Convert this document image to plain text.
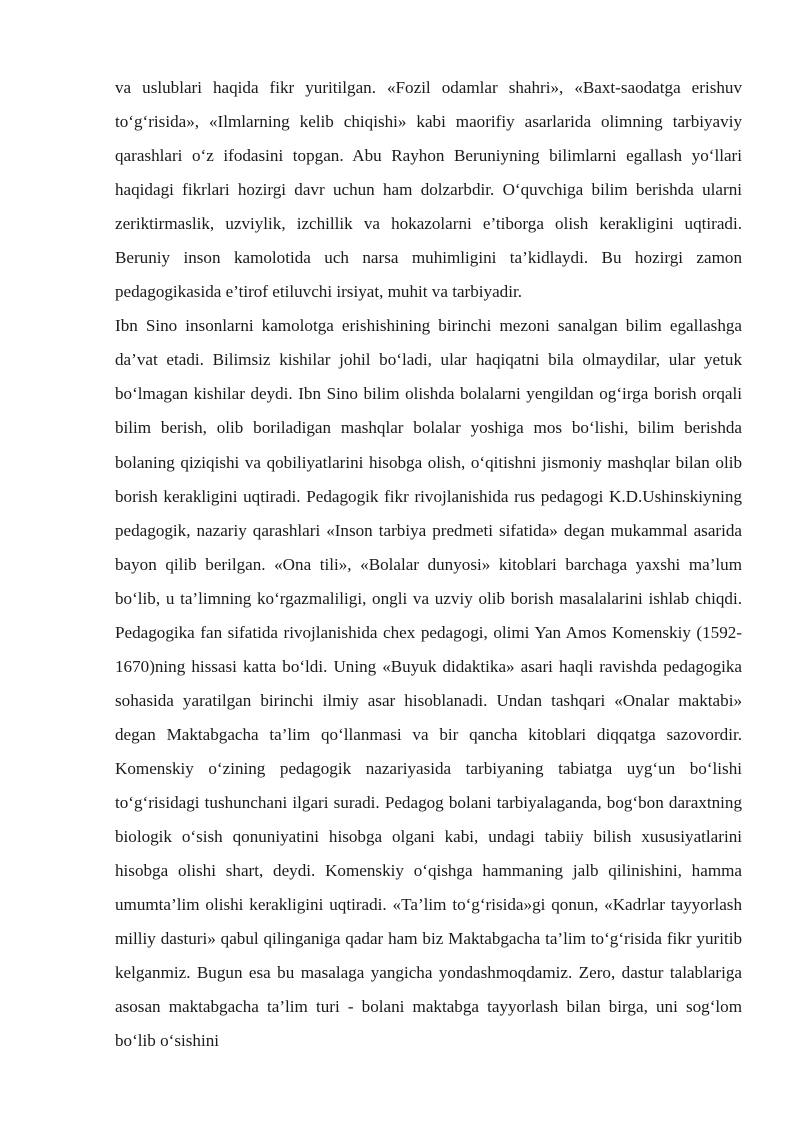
va uslublari haqida fikr yuritilgan. «Fozil odamlar shahri», «Baxt-saodatga erishuv to‘g‘risida», «Ilmlarning kelib chiqishi» kabi maorifiy asarlarida olimning tarbiyaviy qarashlari o‘z ifodasini topgan. Abu Rayhon Beruniyning bilimlarni egallash yo‘llari haqidagi fikrlari hozirgi davr uchun ham dolzarbdir. O‘quvchiga bilim berishda ularni zeriktirmaslik, uzviylik, izchillik va hokazolarni e’tiborga olish kerakligini uqtiradi. Beruniy inson kamolotida uch narsa muhimligini ta’kidlaydi. Bu hozirgi zamon pedagogikasida e’tirof etiluvchi irsiyat, muhit va tarbiyadir.

Ibn Sino insonlarni kamolotga erishishining birinchi mezoni sanalgan bilim egallashga da’vat etadi. Bilimsiz kishilar johil bo‘ladi, ular haqiqatni bila olmaydilar, ular yetuk bo‘lmagan kishilar deydi. Ibn Sino bilim olishda bolalarni yengildan og‘irga borish orqali bilim berish, olib boriladigan mashqlar bolalar yoshiga mos bo‘lishi, bilim berishda bolaning qiziqishi va qobiliyatlarini hisobga olish, o‘qitishni jismoniy mashqlar bilan olib borish kerakligini uqtiradi. Pedagogik fikr rivojlanishida rus pedagogi K.D.Ushinskiyning pedagogik, nazariy qarashlari «Inson tarbiya predmeti sifatida» degan mukammal asarida bayon qilib berilgan. «Ona tili», «Bolalar dunyosi» kitoblari barchaga yaxshi ma’lum bo‘lib, u ta’limning ko‘rgazmaliligi, ongli va uzviy olib borish masalalarini ishlab chiqdi. Pedagogika fan sifatida rivojlanishida chex pedagogi, olimi Yan Amos Komenskiy (1592-1670)ning hissasi katta bo‘ldi. Uning «Buyuk didaktika» asari haqli ravishda pedagogika sohasida yaratilgan birinchi ilmiy asar hisoblanadi. Undan tashqari «Onalar maktabi» degan Maktabgacha ta’lim qo‘llanmasi va bir qancha kitoblari diqqatga sazovordir. Komenskiy o‘zining pedagogik nazariyasida tarbiyaning tabiatga uyg‘un bo‘lishi to‘g‘risidagi tushunchani ilgari suradi. Pedagog bolani tarbiyalaganda, bog‘bon daraxtning biologik o‘sish qonuniyatini hisobga olgani kabi, undagi tabiiy bilish xususiyatlarini hisobga olishi shart, deydi. Komenskiy o‘qishga hammaning jalb qilinishini, hamma umumta’lim olishi kerakligini uqtiradi. «Ta’lim to‘g‘risida»gi qonun, «Kadrlar tayyorlash milliy dasturi» qabul qilinganiga qadar ham biz Maktabgacha ta’lim to‘g‘risida fikr yuritib kelganmiz. Bugun esa bu masalaga yangicha yondashmoqdamiz. Zero, dastur talablariga asosan maktabgacha ta’lim turi - bolani maktabga tayyorlash bilan birga, uni sog‘lom bo‘lib o‘sishini
